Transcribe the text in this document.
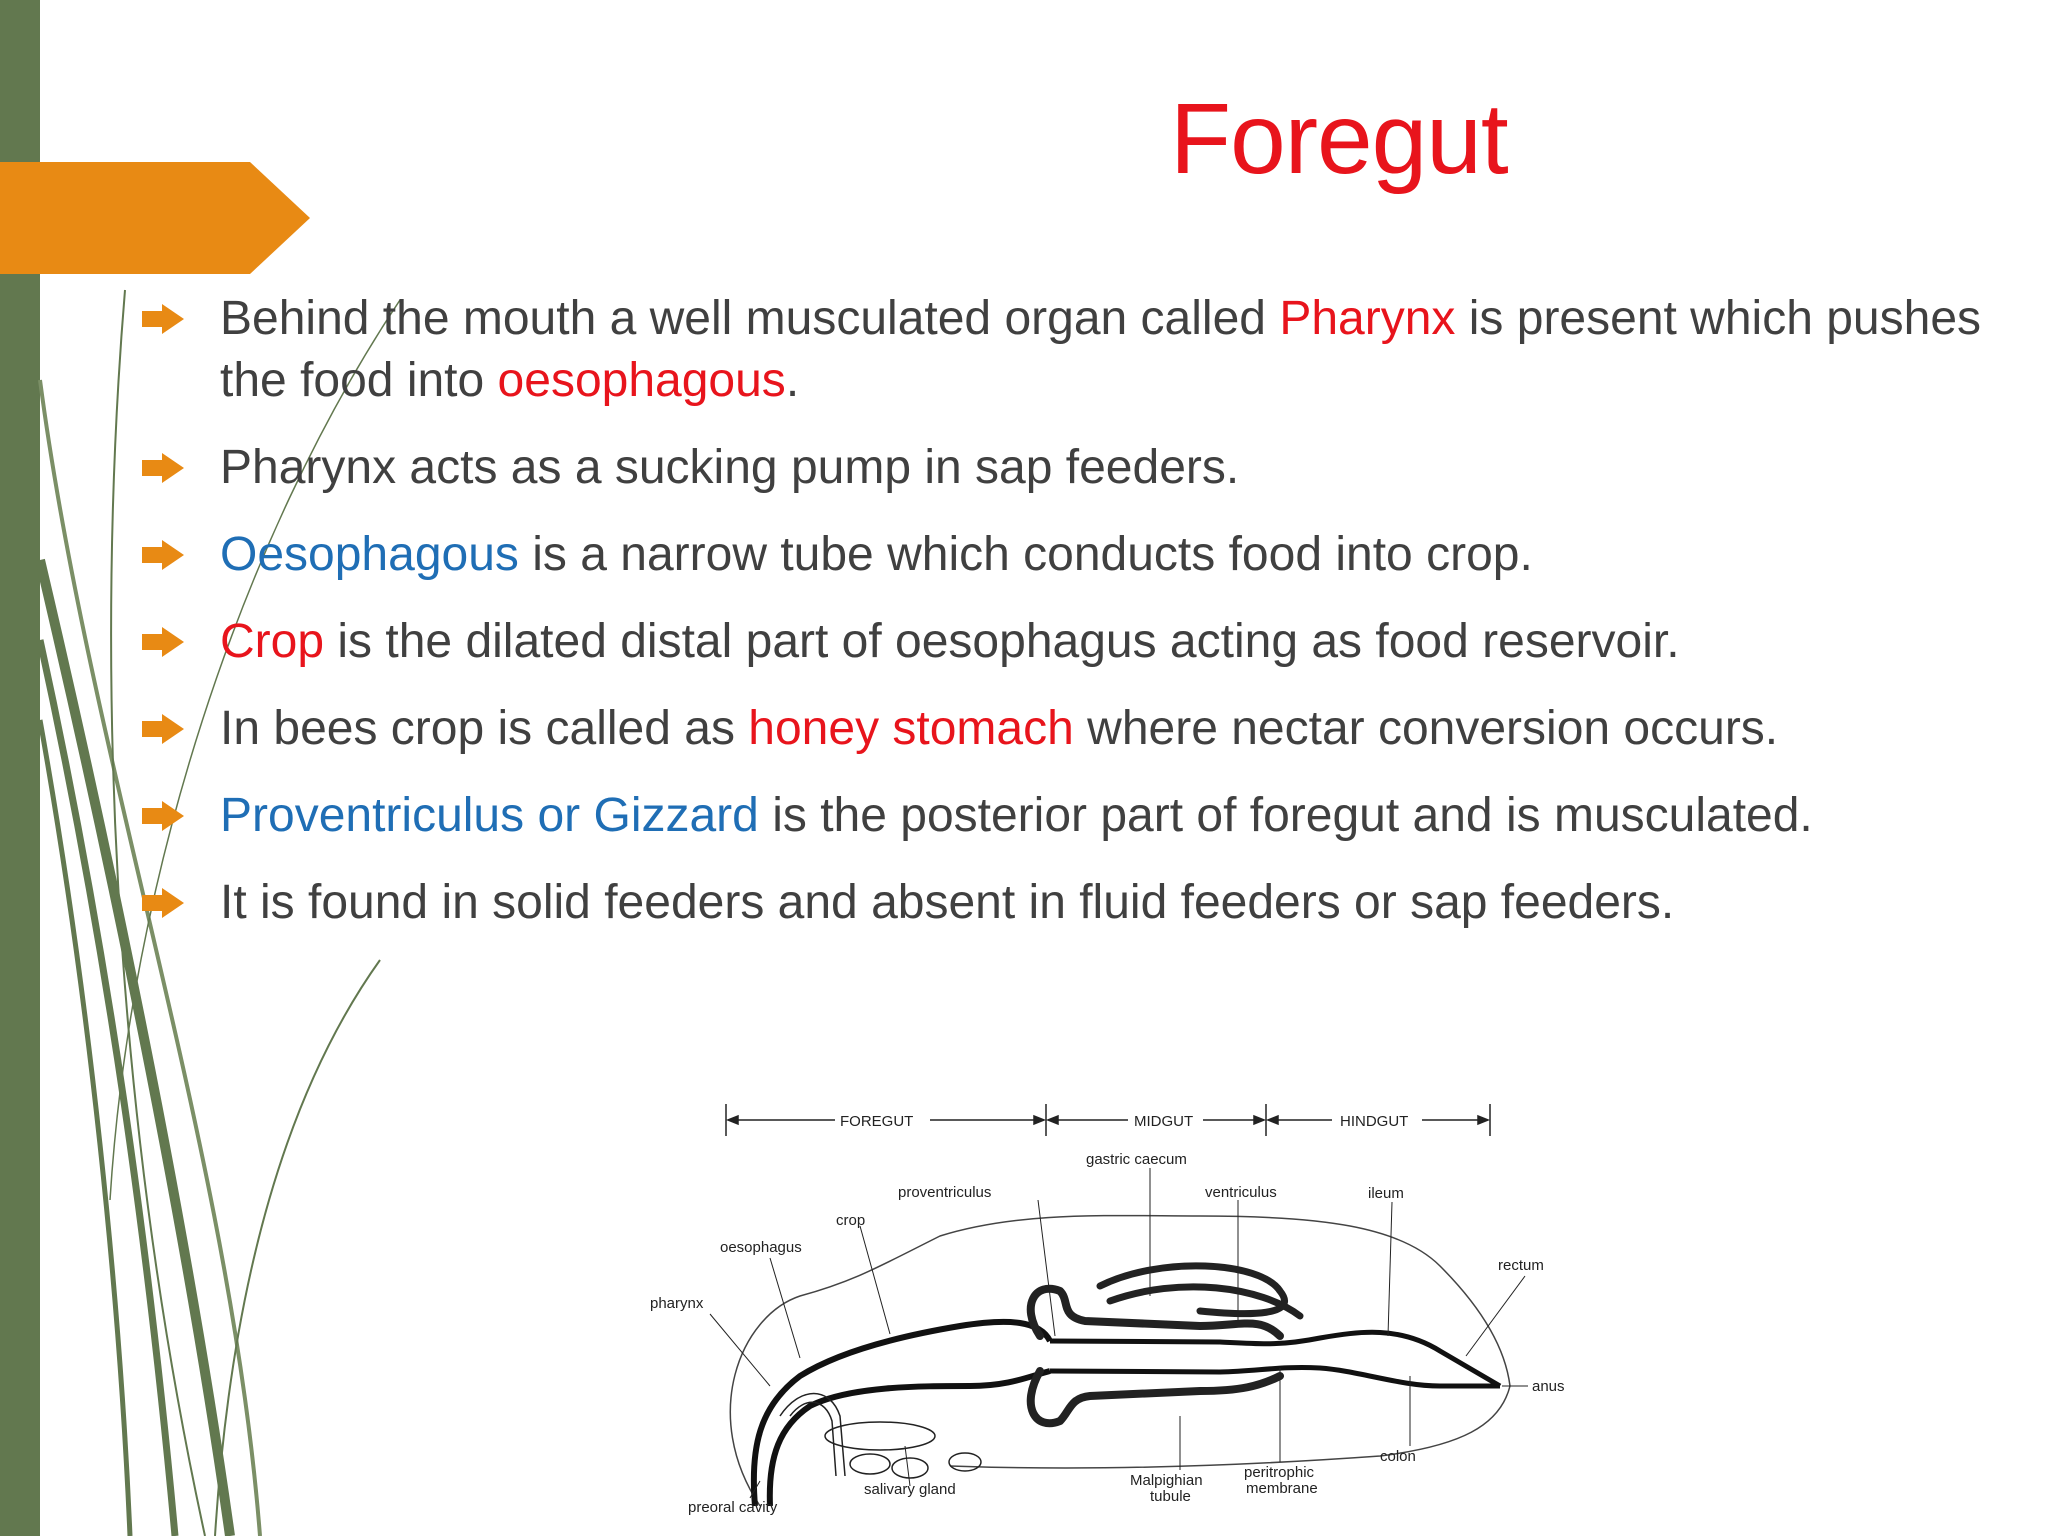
Foregut
Behind the mouth a well musculated organ called Pharynx is present which pushes the food into oesophagous.
Pharynx acts as a sucking pump in sap feeders.
Oesophagous is a narrow tube which conducts food into crop.
Crop is the dilated distal part of oesophagus acting as food reservoir.
In bees crop is called as honey stomach where nectar conversion occurs.
Proventriculus or Gizzard is the posterior part of foregut and is musculated.
It is found in solid feeders and absent in fluid feeders or sap feeders.
FOREGUT	MIDGUT	HINDGUT
gastric caecum
proventriculus	ventriculus	ileum
crop
oesophagus
rectum
pharynx
anus
colon
peritrophic
membrane
Malpighian
tubule
salivary gland
preoral cavity
